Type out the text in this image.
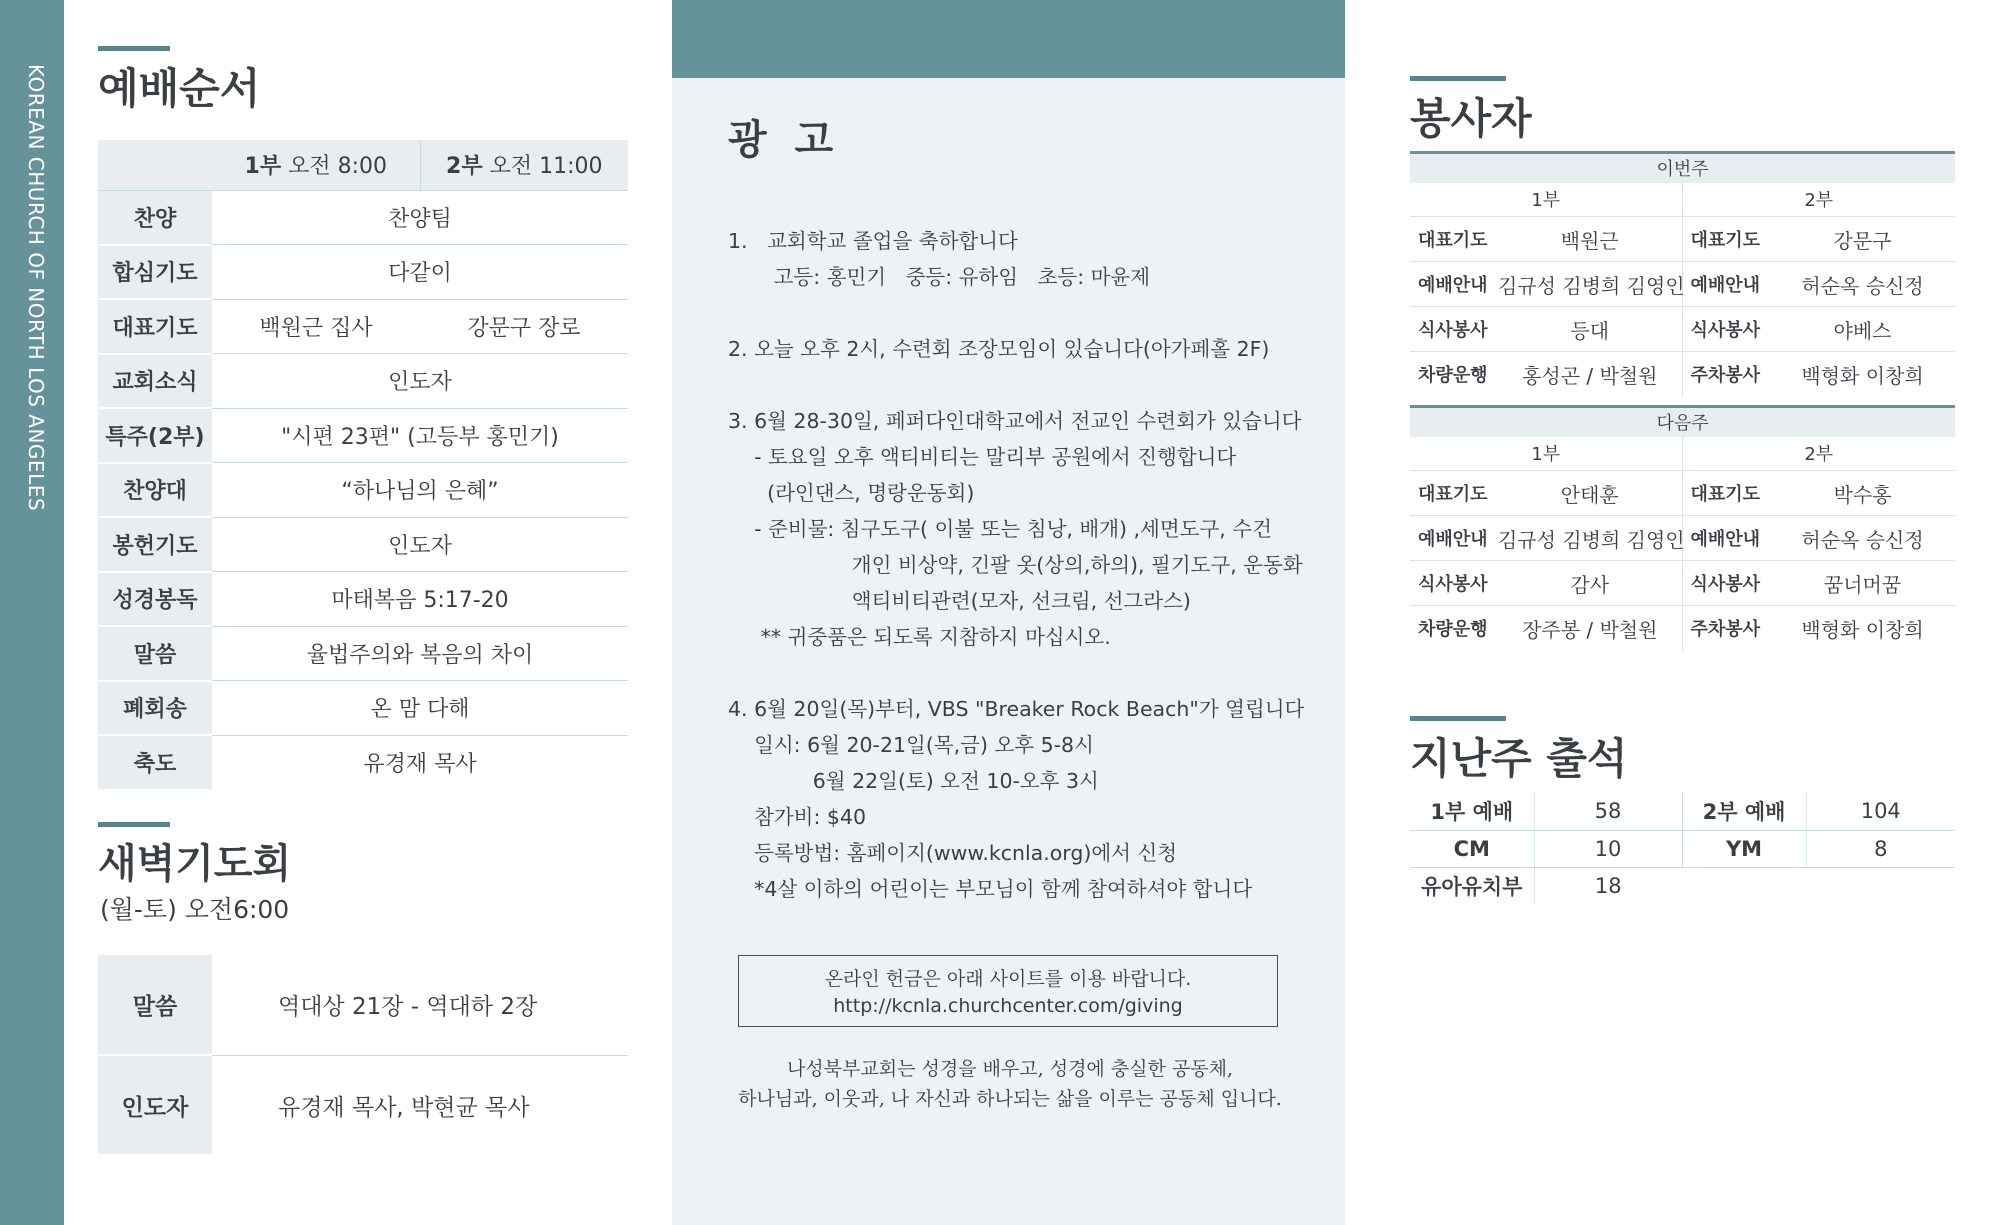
KOREAN CHURCH OF NORTH LOS ANGELES 예배순서
	1부 오전 8:00	2부 오전 11:00
찬양	찬양팀	
합심기도	다같이	
대표기도	백원근 집사	강문구 장로
교회소식	인도자	
특주(2부)	"시편 23편" (고등부 홍민기)	
찬양대	“하나님의 은혜”	
봉헌기도	인도자	
성경봉독	마태복음 5:17-20	
말씀	율법주의와 복음의 차이	
폐회송	온 맘 다해	
축도	유경재 목사	
새벽기도회
(월-토) 오전6:00
말씀	역대상 21장 - 역대하 2장
인도자	유경재 목사, 박현균 목사
광  고
1.   교회학교 졸업을 축하합니다
고등: 홍민기   중등: 유하임   초등: 마윤제
2. 오늘 오후 2시, 수련회 조장모임이 있습니다(아가페홀 2F)
3. 6월 28-30일, 페퍼다인대학교에서 전교인 수련회가 있습니다
- 토요일 오후 액티비티는 말리부 공원에서 진행합니다
(라인댄스, 명랑운동회)
- 준비물: 침구도구( 이불 또는 침낭, 배개) ,세면도구, 수건
개인 비상약, 긴팔 옷(상의,하의), 필기도구, 운동화
액티비티관련(모자, 선크림, 선그라스)
** 귀중품은 되도록 지참하지 마십시오.
4. 6월 20일(목)부터, VBS "Breaker Rock Beach"가 열립니다
일시: 6월 20-21일(목,금) 오후 5-8시
6월 22일(토) 오전 10-오후 3시
참가비: $40
등록방법: 홈페이지(www.kcnla.org)에서 신청
*4살 이하의 어린이는 부모님이 함께 참여하셔야 합니다
온라인 헌금은 아래 사이트를 이용 바랍니다.
http://kcnla.churchcenter.com/giving
나성북부교회는 성경을 배우고, 성경에 충실한 공동체,
하나님과, 이웃과, 나 자신과 하나되는 삶을 이루는 공동체 입니다.
봉사자
이번주			
1부		2부	
대표기도	백원근	대표기도	강문구
예배안내	김규성 김병희 김영인	예배안내	허순옥 승신정
식사봉사	등대	식사봉사	야베스
차량운행	홍성곤 / 박철원	주차봉사	백형화 이창희
다음주			
1부		2부	
대표기도	안태훈	대표기도	박수홍
예배안내	김규성 김병희 김영인	예배안내	허순옥 승신정
식사봉사	감사	식사봉사	꿈너머꿈
차량운행	장주봉 / 박철원	주차봉사	백형화 이창희
지난주 출석
1부 예배	58	2부 예배	104
CM	10	YM	8
유아유치부	18		
